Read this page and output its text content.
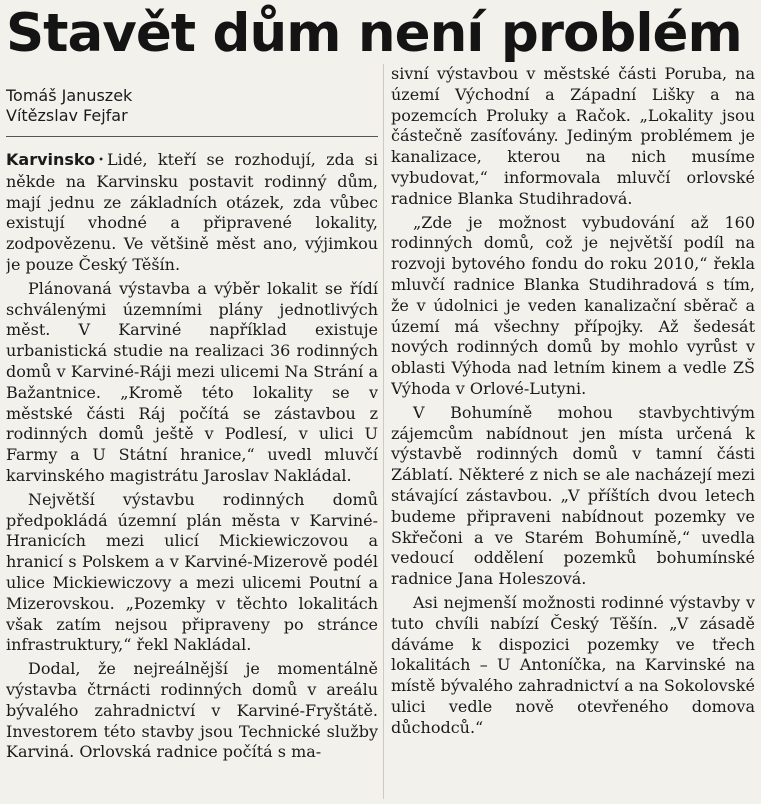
Stavět dům není problém
Tomáš Januszek
Vítězslav Fejfar

Karvinsko • Lidé, kteří se rozhodují, zda si někde na Karvinsku postavit rodinný dům, mají jednu ze základních otázek, zda vůbec existují vhodné a připravené lokality, zodpovězenu. Ve většině měst ano, výjimkou je pouze Český Těšín.

Plánovaná výstavba a výběr lokalit se řídí schválenými územními plány jednotlivých měst. V Karviné například existuje urbanistická studie na realizaci 36 rodinných domů v Karviné-Ráji mezi ulicemi Na Strání a Bažantnice. „Kromě této lokality se v městské části Ráj počítá se zástavbou z rodinných domů ještě v Podlesí, v ulici U Farmy a U Státní hranice,“ uvedl mluvčí karvinského magistrátu Jaroslav Nakládal.

Největší výstavbu rodinných domů předpokládá územní plán města v Karviné-Hranicích mezi ulicí Mickiewiczovou a hranicí s Polskem a v Karviné-Mizerově podél ulice Mickiewiczovy a mezi ulicemi Poutní a Mizerovskou. „Pozemky v těchto lokalitách však zatím nejsou připraveny po stránce infrastruktury,“ řekl Nakládal.

Dodal, že nejreálnější je momentálně výstavba čtrnácti rodinných domů v areálu bývalého zahradnictví v Karviné-Fryštátě. Investorem této stavby jsou Technické služby Karviná. Orlovská radnice počítá s ma-

sivní výstavbou v městské části Poruba, na území Východní a Západní Lišky a na pozemcích Proluky a Račok. „Lokality jsou částečně zasíťovány. Jediným problémem je kanalizace, kterou na nich musíme vybudovat,“ informovala mluvčí orlovské radnice Blanka Studihradová.

„Zde je možnost vybudování až 160 rodinných domů, což je největší podíl na rozvoji bytového fondu do roku 2010,“ řekla mluvčí radnice Blanka Studihradová s tím, že v údolnici je veden kanalizační sběrač a území má všechny přípojky. Až šedesát nových rodinných domů by mohlo vyrůst v oblasti Výhoda nad letním kinem a vedle ZŠ Výhoda v Orlové-Lutyni.

V Bohumíně mohou stavbychtivým zájemcům nabídnout jen místa určená k výstavbě rodinných domů v tamní části Záblatí. Některé z nich se ale nacházejí mezi stávající zástavbou. „V příštích dvou letech budeme připraveni nabídnout pozemky ve Skřečoni a ve Starém Bohumíně,“ uvedla vedoucí oddělení pozemků bohumínské radnice Jana Holeszová.

Asi nejmenší možnosti rodinné výstavby v tuto chvíli nabízí Český Těšín. „V zásadě dáváme k dispozici pozemky ve třech lokalitách – U Antoníčka, na Karvinské na místě bývalého zahradnictví a na Sokolovské ulici vedle nově otevřeného domova důchodců.“
